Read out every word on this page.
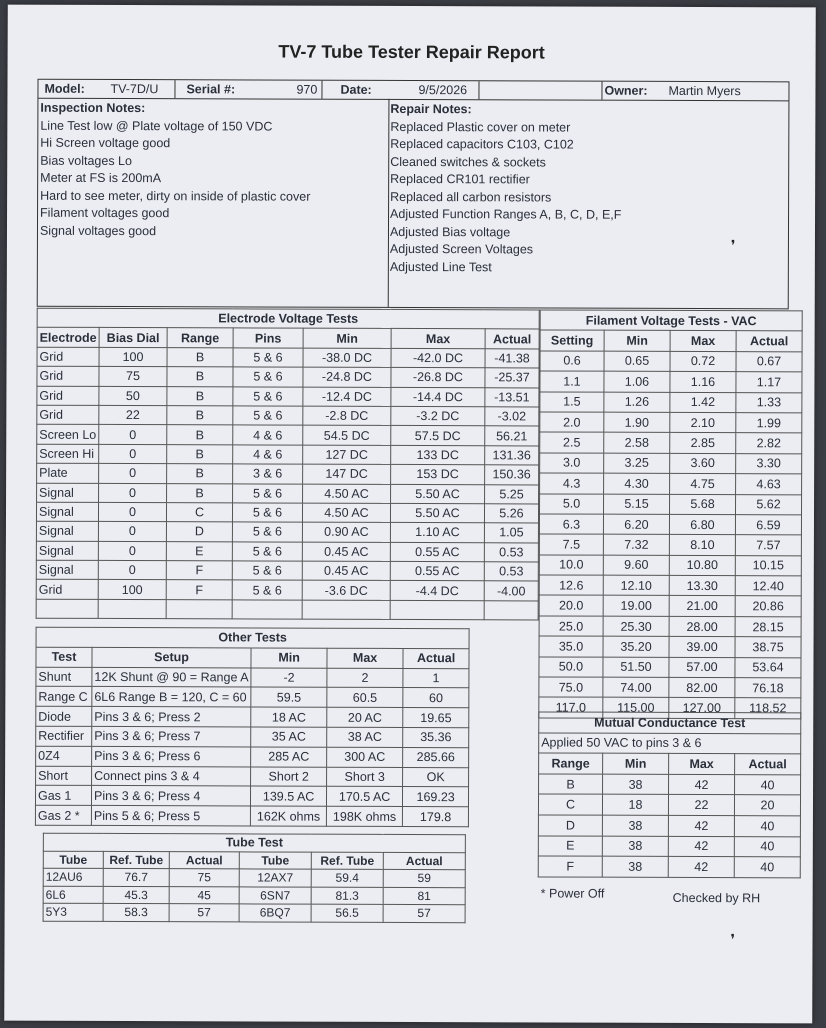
TV-7 Tube Tester Repair Report
Model: TV-7D/U Serial #:	970 Date:	9/5/2026	Owner: Martin Myers
Inspection Notes:
Line Test low @ Plate voltage of 150 VDC
Hi Screen voltage good
Bias voltages Lo
Meter at FS is 200mA
Hard to see meter, dirty on inside of plastic cover
Filament voltages good
Signal voltages good
Repair Notes:
Replaced Plastic cover on meter
Replaced capacitors C103, C102
Cleaned switches & sockets
Replaced CR101 rectifier
Replaced all carbon resistors
Adjusted Function Ranges A, B, C, D, E,F
Adjusted Bias voltage
Adjusted Screen Voltages
Adjusted Line Test
Electrode Voltage Tests						
Electrode	Bias Dial	Range	Pins	Min	Max	Actual
Grid	100	B	5 & 6	-38.0 DC	-42.0 DC	-41.38
Grid	75	B	5 & 6	-24.8 DC	-26.8 DC	-25.37
Grid	50	B	5 & 6	-12.4 DC	-14.4 DC	-13.51
Grid	22	B	5 & 6	-2.8 DC	-3.2 DC	-3.02
Screen Lo	0	B	4 & 6	54.5 DC	57.5 DC	56.21
Screen Hi	0	B	4 & 6	127 DC	133 DC	131.36
Plate	0	B	3 & 6	147 DC	153 DC	150.36
Signal	0	B	5 & 6	4.50 AC	5.50 AC	5.25
Signal	0	C	5 & 6	4.50 AC	5.50 AC	5.26
Signal	0	D	5 & 6	0.90 AC	1.10 AC	1.05
Signal	0	E	5 & 6	0.45 AC	0.55 AC	0.53
Signal	0	F	5 & 6	0.45 AC	0.55 AC	0.53
Grid	100	F	5 & 6	-3.6 DC	-4.4 DC	-4.00

Filament Voltage Tests - VAC			
Setting	Min	Max	Actual
0.6	0.65	0.72	0.67
1.1	1.06	1.16	1.17
1.5	1.26	1.42	1.33
2.0	1.90	2.10	1.99
2.5	2.58	2.85	2.82
3.0	3.25	3.60	3.30
4.3	4.30	4.75	4.63
5.0	5.15	5.68	5.62
6.3	6.20	6.80	6.59
7.5	7.32	8.10	7.57
10.0	9.60	10.80	10.15
12.6	12.10	13.30	12.40
20.0	19.00	21.00	20.86
25.0	25.30	28.00	28.15
35.0	35.20	39.00	38.75
50.0	51.50	57.00	53.64
75.0	74.00	82.00	76.18
117.0	115.00	127.00	118.52
Other Tests				
Test	Setup	Min	Max	Actual
Shunt	12K Shunt @ 90 = Range A	-2	2	1
Range C	6L6 Range B = 120, C = 60	59.5	60.5	60
Diode	Pins 3 & 6; Press 2	18 AC	20 AC	19.65
Rectifier	Pins 3 & 6; Press 7	35 AC	38 AC	35.36
0Z4	Pins 3 & 6; Press 6	285 AC	300 AC	285.66
Short	Connect pins 3 & 4	Short 2	Short 3	OK
Gas 1	Pins 3 & 6; Press 4	139.5 AC	170.5 AC	169.23
Gas 2 *	Pins 5 & 6; Press 5	162K ohms	198K ohms	179.8
Tube Test					
Tube	Ref. Tube	Actual	Tube	Ref. Tube	Actual
12AU6	76.7	75	12AX7	59.4	59
6L6	45.3	45	6SN7	81.3	81
5Y3	58.3	57	6BQ7	56.5	57
Mutual Conductance Test			
Applied 50 VAC to pins 3 & 6			
Range	Min	Max	Actual
B	38	42	40
C	18	22	20
D	38	42	40
E	38	42	40
F	38	42	40
* Power Off	Checked by RH
❜
❜
